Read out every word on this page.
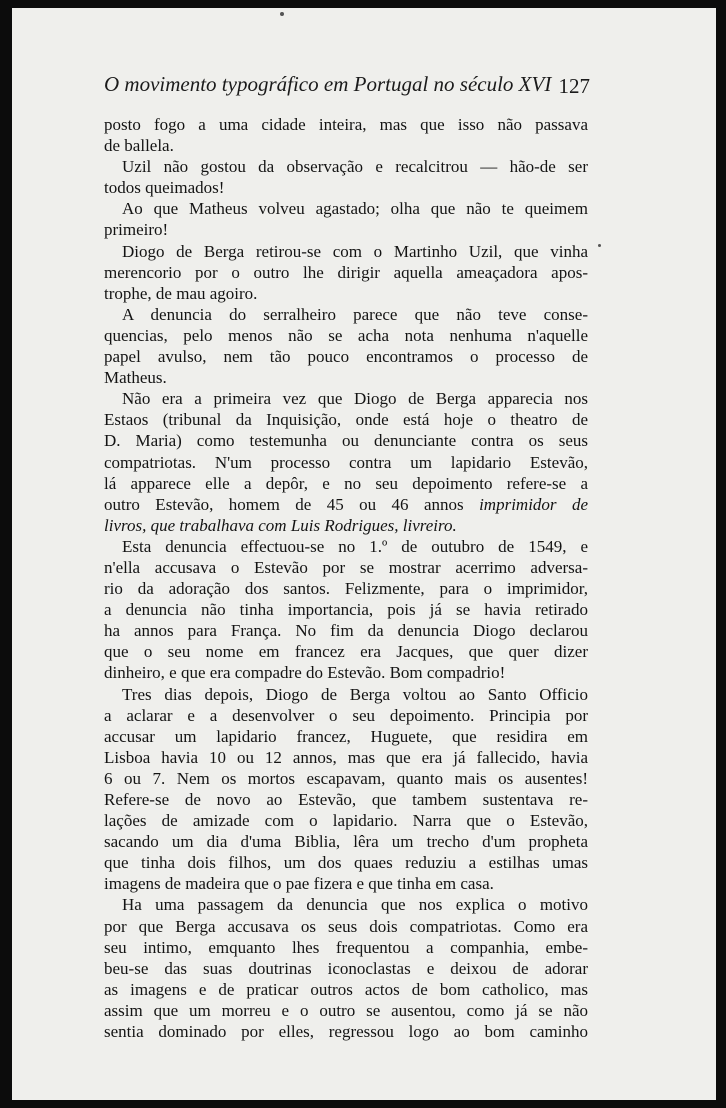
O movimento typográfico em Portugal no século XVI 127
posto fogo a uma cidade inteira, mas que isso não passava
de ballela.
Uzil não gostou da observação e recalcitrou — hão-de ser
todos queimados!
Ao que Matheus volveu agastado; olha que não te queimem
primeiro!
Diogo de Berga retirou-se com o Martinho Uzil, que vinha
merencorio por o outro lhe dirigir aquella ameaçadora apos-
trophe, de mau agoiro.
A denuncia do serralheiro parece que não teve conse-
quencias, pelo menos não se acha nota nenhuma n'aquelle
papel avulso, nem tão pouco encontramos o processo de
Matheus.
Não era a primeira vez que Diogo de Berga apparecia nos
Estaos (tribunal da Inquisição, onde está hoje o theatro de
D. Maria) como testemunha ou denunciante contra os seus
compatriotas. N'um processo contra um lapidario Estevão,
lá apparece elle a depôr, e no seu depoimento refere-se a
outro Estevão, homem de 45 ou 46 annos imprimidor de
livros, que trabalhava com Luis Rodrigues, livreiro.
Esta denuncia effectuou-se no 1.º de outubro de 1549, e
n'ella accusava o Estevão por se mostrar acerrimo adversa-
rio da adoração dos santos. Felizmente, para o imprimidor,
a denuncia não tinha importancia, pois já se havia retirado
ha annos para França. No fim da denuncia Diogo declarou
que o seu nome em francez era Jacques, que quer dizer
dinheiro, e que era compadre do Estevão. Bom compadrio!
Tres dias depois, Diogo de Berga voltou ao Santo Officio
a aclarar e a desenvolver o seu depoimento. Principia por
accusar um lapidario francez, Huguete, que residira em
Lisboa havia 10 ou 12 annos, mas que era já fallecido, havia
6 ou 7. Nem os mortos escapavam, quanto mais os ausentes!
Refere-se de novo ao Estevão, que tambem sustentava re-
lações de amizade com o lapidario. Narra que o Estevão,
sacando um dia d'uma Biblia, lêra um trecho d'um propheta
que tinha dois filhos, um dos quaes reduziu a estilhas umas
imagens de madeira que o pae fizera e que tinha em casa.
Ha uma passagem da denuncia que nos explica o motivo
por que Berga accusava os seus dois compatriotas. Como era
seu intimo, emquanto lhes frequentou a companhia, embe-
beu-se das suas doutrinas iconoclastas e deixou de adorar
as imagens e de praticar outros actos de bom catholico, mas
assim que um morreu e o outro se ausentou, como já se não
sentia dominado por elles, regressou logo ao bom caminho
